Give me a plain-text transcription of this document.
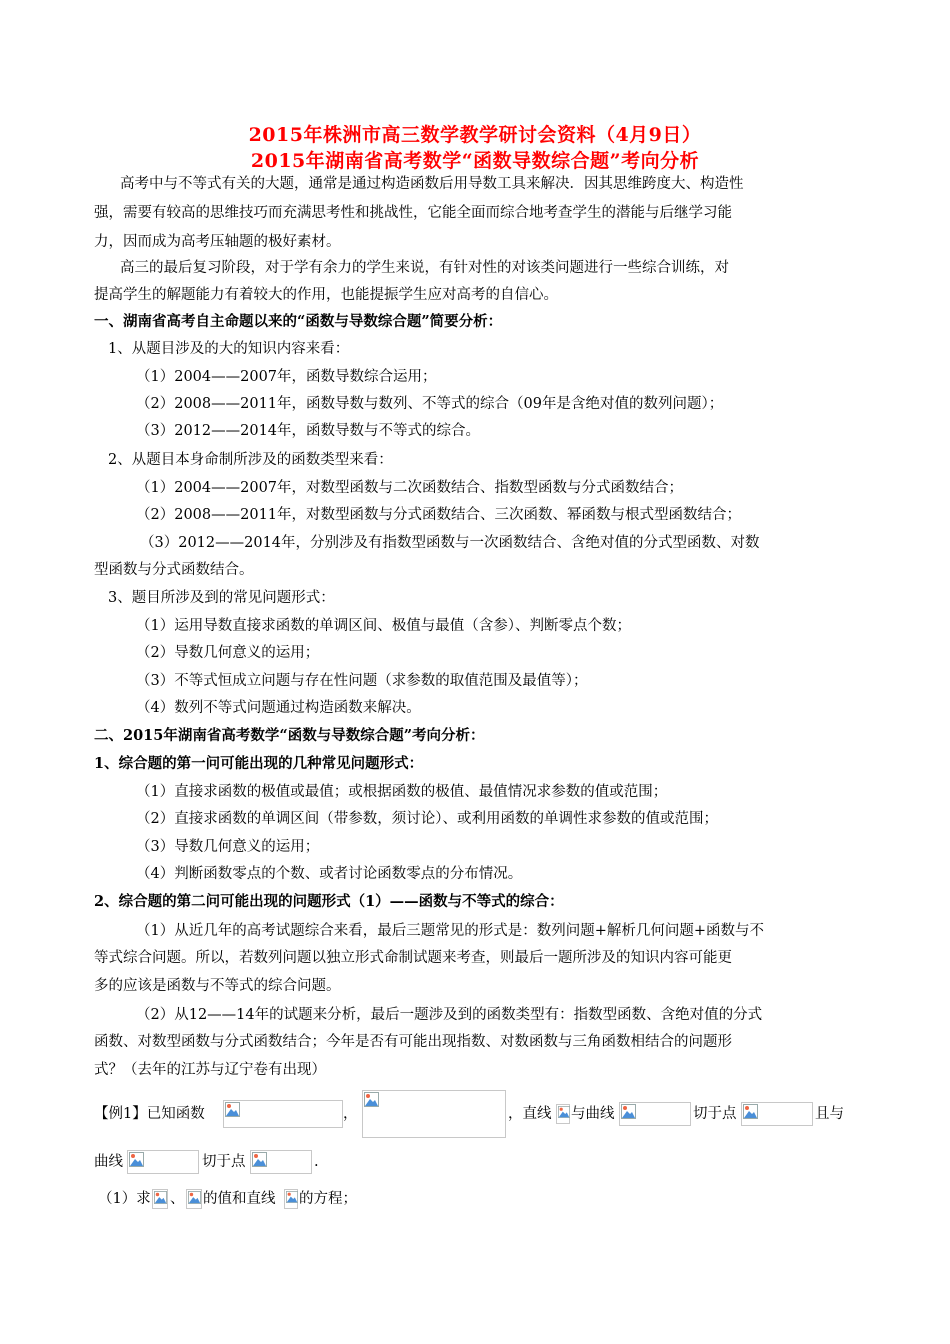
2015年株洲市高三数学教学研讨会资料（4月9日）
2015年湖南省高考数学“函数导数综合题”考向分析
高考中与不等式有关的大题，通常是通过构造函数后用导数工具来解决．因其思维跨度大、构造性
强，需要有较高的思维技巧而充满思考性和挑战性，它能全面而综合地考查学生的潜能与后继学习能
力，因而成为高考压轴题的极好素材。
高三的最后复习阶段，对于学有余力的学生来说，有针对性的对该类问题进行一些综合训练，对
提高学生的解题能力有着较大的作用，也能提振学生应对高考的自信心。
一、湖南省高考自主命题以来的“函数与导数综合题”简要分析：
1、从题目涉及的大的知识内容来看：
（1）2004——2007年，函数导数综合运用；
（2）2008——2011年，函数导数与数列、不等式的综合（09年是含绝对值的数列问题）；
（3）2012——2014年，函数导数与不等式的综合。
2、从题目本身命制所涉及的函数类型来看：
（1）2004——2007年，对数型函数与二次函数结合、指数型函数与分式函数结合；
（2）2008——2011年，对数型函数与分式函数结合、三次函数、幂函数与根式型函数结合；
（3）2012——2014年，分别涉及有指数型函数与一次函数结合、含绝对值的分式型函数、对数
型函数与分式函数结合。
3、题目所涉及到的常见问题形式：
（1）运用导数直接求函数的单调区间、极值与最值（含参）、判断零点个数；
（2）导数几何意义的运用；
（3）不等式恒成立问题与存在性问题（求参数的取值范围及最值等）；
（4）数列不等式问题通过构造函数来解决。
二、2015年湖南省高考数学“函数与导数综合题”考向分析：
1、综合题的第一问可能出现的几种常见问题形式：
（1）直接求函数的极值或最值；或根据函数的极值、最值情况求参数的值或范围；
（2）直接求函数的单调区间（带参数，须讨论）、或利用函数的单调性求参数的值或范围；
（3）导数几何意义的运用；
（4）判断函数零点的个数、或者讨论函数零点的分布情况。
2、综合题的第二问可能出现的问题形式（1）——函数与不等式的综合：
（1）从近几年的高考试题综合来看，最后三题常见的形式是：数列问题+解析几何问题+函数与不
等式综合问题。所以，若数列问题以独立形式命制试题来考查，则最后一题所涉及的知识内容可能更
多的应该是函数与不等式的综合问题。
（2）从12——14年的试题来分析，最后一题涉及到的函数类型有：指数型函数、含绝对值的分式
函数、对数型函数与分式函数结合；今年是否有可能出现指数、对数函数与三角函数相结合的问题形
式？（去年的江苏与辽宁卷有出现）
【例1】已知函数	，	，直线 与曲线	切于点	且与
曲线	切于点	.
（1）求 、 的值和直线 的方程；
